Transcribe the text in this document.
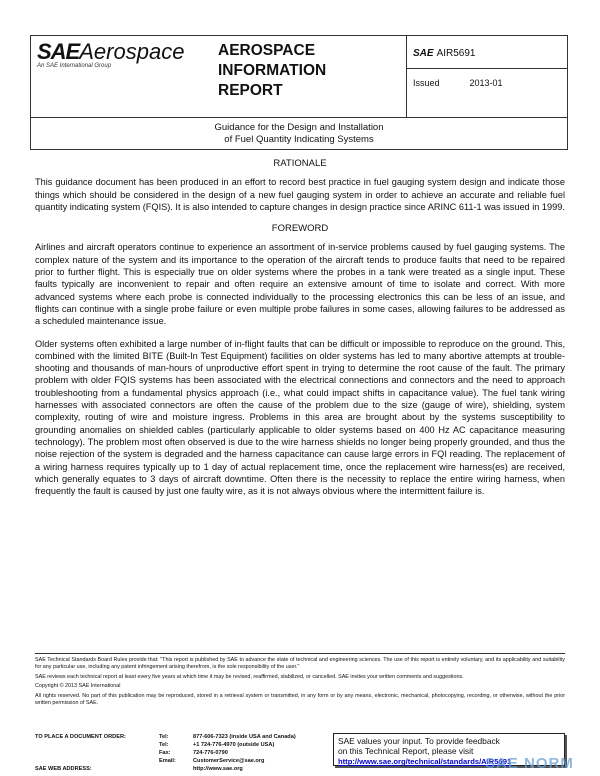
SAEAerospace
An SAE International Group
AEROSPACE
INFORMATION
REPORT
SAE AIR5691
Issued	2013-01
Guidance for the Design and Installation
of Fuel Quantity Indicating Systems
RATIONALE

This guidance document has been produced in an effort to record best practice in fuel gauging system design and indicate those things which should be considered in the design of a new fuel gauging system in order to achieve an accurate and reliable fuel quantity indicating system (FQIS). It is also intended to capture changes in design practice since ARINC 611-1 was issued in 1999.

FOREWORD

Airlines and aircraft operators continue to experience an assortment of in-service problems caused by fuel gauging systems. The complex nature of the system and its importance to the operation of the aircraft tends to produce faults that need to be repaired prior to further flight. This is especially true on older systems where the probes in a tank were treated as a single input. These faults typically are inconvenient to repair and often require an extensive amount of time to isolate and correct. With more advanced systems where each probe is connected individually to the processing electronics this can be less of an issue, and flights can continue with a single probe failure or even multiple probe failures in some cases, allowing failures to be addressed as a scheduled maintenance issue.

Older systems often exhibited a large number of in-flight faults that can be difficult or impossible to reproduce on the ground. This, combined with the limited BITE (Built-In Test Equipment) facilities on older systems has led to many abortive attempts at trouble-shooting and thousands of man-hours of unproductive effort spent in trying to determine the root cause of the fault. The primary problem with older FQIS systems has been associated with the electrical connections and connectors and the need to approach troubleshooting from a fundamental physics approach (i.e., what could impact shifts in capacitance value). The fuel tank wiring harnesses with associated connectors are often the cause of the problem due to the size (gauge of wire), shielding, system complexity, routing of wire and moisture ingress. Problems in this area are brought about by the systems susceptibility to grounding anomalies on shielded cables (particularly applicable to older systems based on 400 Hz AC capacitance measuring technology). The problem most often observed is due to the wire harness shields no longer being properly grounded, and thus the noise rejection of the system is degraded and the harness capacitance can cause large errors in FQI reading. The replacement of a wiring harness requires typically up to 1 day of actual replacement time, once the replacement wire harness(es) are received, which generally equates to 3 days of aircraft downtime. Often there is the necessity to replace the entire wiring harness, when frequently the fault is caused by just one faulty wire, as it is not always obvious where the intermittent failure is.

SAE Technical Standards Board Rules provide that: "This report is published by SAE to advance the state of technical and engineering sciences. The use of this report is entirely voluntary, and its applicability and suitability for any particular use, including any patent infringement arising therefrom, is the sole responsibility of the user."

SAE reviews each technical report at least every five years at which time it may be revised, reaffirmed, stabilized, or cancelled. SAE invites your written comments and suggestions.

Copyright © 2013 SAE International

All rights reserved. No part of this publication may be reproduced, stored in a retrieval system or transmitted, in any form or by any means, electronic, mechanical, photocopying, recording, or otherwise, without the prior written permission of SAE.

TO PLACE A DOCUMENT ORDER:
SAE WEB ADDRESS:
Tel:	877-606-7323 (inside USA and Canada)
Tel:	+1 724-776-4970 (outside USA)
Fax:	724-776-0790
Email:	CustomerService@sae.org
http://www.sae.org
SAE values your input. To provide feedback
on this Technical Report, please visit
http://www.sae.org/technical/standards/AIR5691
SAE NORM
